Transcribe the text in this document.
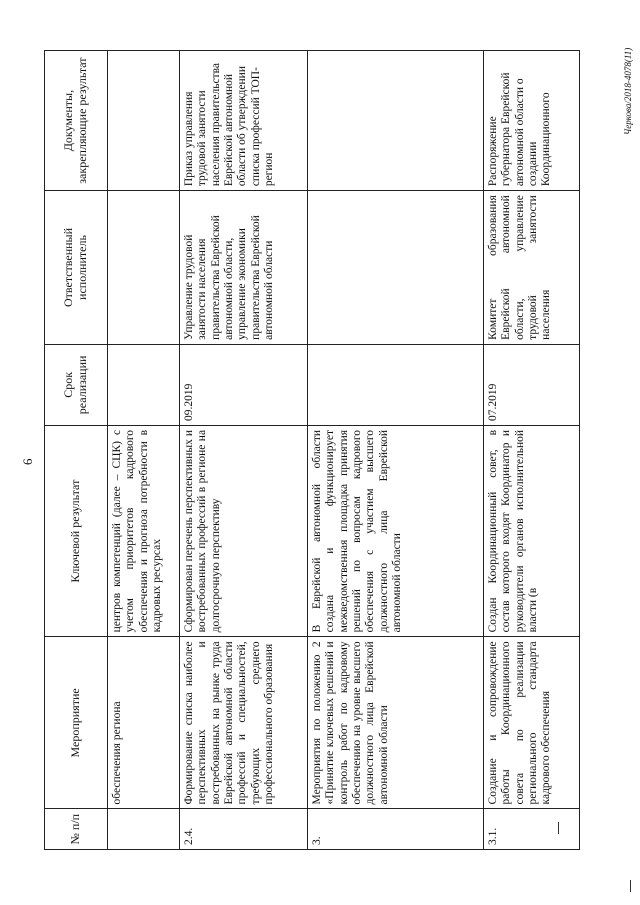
6
№ п/п	Мероприятие	Ключевой результат	Срок реализации	Ответственный исполнитель	Документы, закрепляющие результат
	обеспечения региона	центров компетенций (далее – СЦК) с учетом приоритетов кадрового обеспечения и прогноза потребности в кадровых ресурсах			
2.4.	Формирование списка наиболее перспективных и востребованных на рынке труда Еврейской автономной области профессий и специальностей, требующих среднего профессионального образования	Сформирован перечень перспективных и востребованных профессий в регионе на долгосрочную перспективу	09.2019	Управление трудовой занятости населения правительства Еврейской автономной области, управление экономики правительства Еврейской автономной области	Приказ управления трудовой занятости населения правительства Еврейской автономной области об утверждении списка профессий ТОП-регион
3.	Мероприятия по положению 2 «Принятие ключевых решений и контроль работ по кадровому обеспечению на уровне высшего должностного лица Еврейской автономной области	В Еврейской автономной области создана и функционирует межведомственная площадка принятия решений по вопросам кадрового обеспечения с участием высшего должностного лица Еврейской автономной области			
3.1.	Создание и сопровождение работы Координационного совета по реализации регионального стандарта кадрового обеспечения	Создан Координационный совет, в состав которого входят Координатор и руководители органов исполнительной власти (в	07.2019	Комитет образования Еврейской автономной области, управление трудовой занятости населения	Распоряжение губернатора Еврейской автономной области о создании Координационного
Черкова/2018-4078(11)
